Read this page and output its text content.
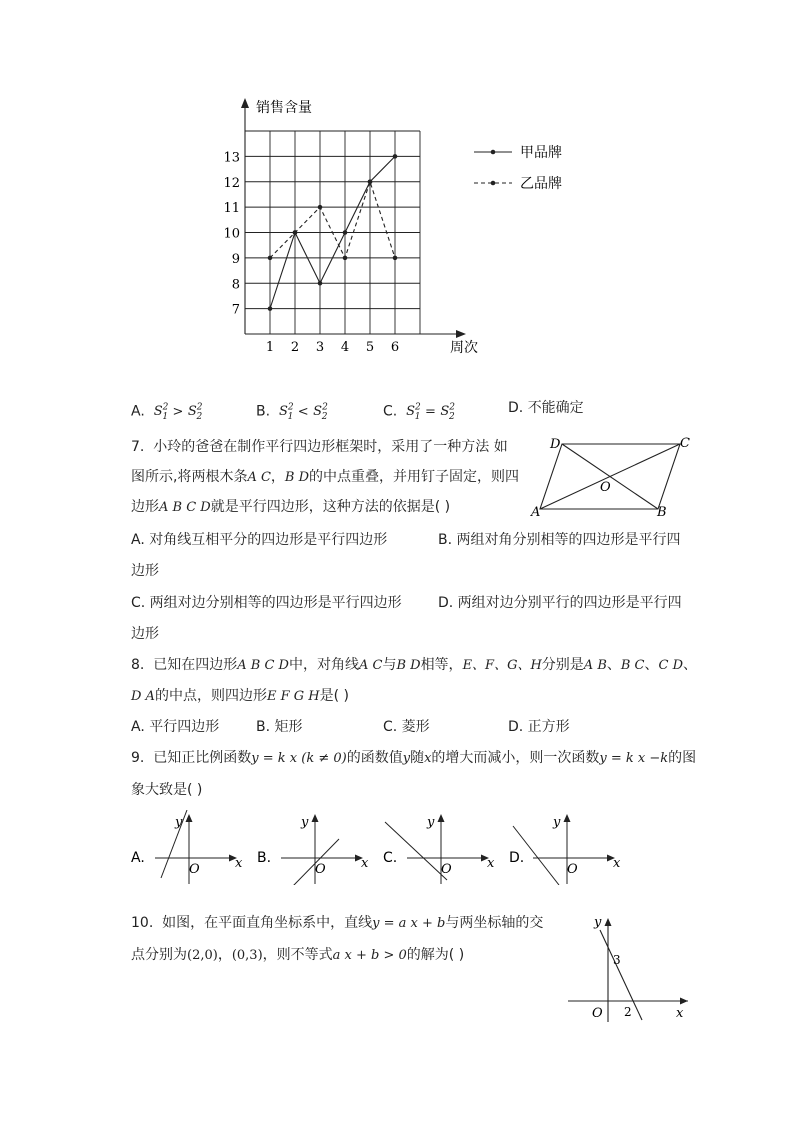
销售含量
周次
1 2 3 4 5 6
7
8
9
10
11
12
13	甲品牌
乙品牌
A. $S^2_1 > S^2_2$	B. $S^2_1 < S^2_2$	C. $S^2_1 = S^2_2$
D. 不能确定
7. 小玲的爸爸在制作平行四边形框架时，采用了一种方法 如
图所示,将两根木条A C，B D的中点重叠，并用钉子固定，则四
边形A B C D就是平行四边形，这种方法的依据是( )	A	B
C
D
O
A. 对角线互相平分的四边形是平行四边形	B. 两组对角分别相等的四边形是平行四
边形
C. 两组对边分别相等的四边形是平行四边形	D. 两组对边分别平行的四边形是平行四
边形
8. 已知在四边形A B C D中，对角线A C与B D相等，E、F、G、H分别是A B、B C、C D、
D A的中点，则四边形E F G H是( )
A. 平行四边形	B. 矩形	C. 菱形	D. 正方形
9. 已知正比例函数y = k x (k ≠ 0)的函数值y随x的增大而减小，则一次函数y = k x −k的图
象大致是( )
A.
y
x
O
B.
y
x
O
C.
y
x
O
D.
y
x
O
10. 如图，在平面直角坐标系中，直线y = a x + b与两坐标轴的交
点分别为(2,0)，(0,3)，则不等式a x + b > 0的解为( )
y
x
O
3
2
